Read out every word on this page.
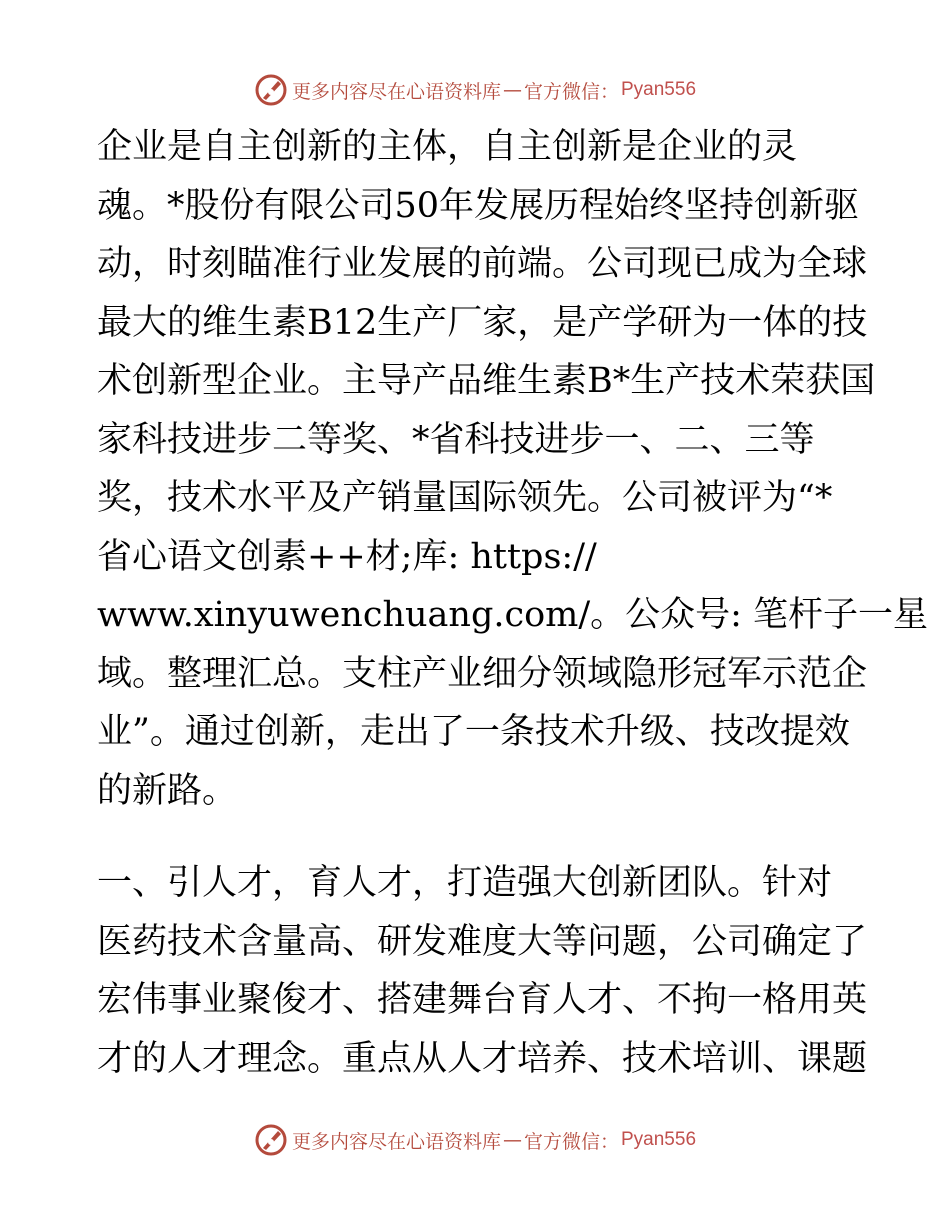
更多内容尽在心语资料库 — 官方微信： Pyan556

企业是自主创新的主体，自主创新是企业的灵
魂。*股份有限公司50年发展历程始终坚持创新驱
动，时刻瞄准行业发展的前端。公司现已成为全球
最大的维生素B12生产厂家，是产学研为一体的技
术创新型企业。主导产品维生素B*生产技术荣获国
家科技进步二等奖、*省科技进步一、二、三等
奖，技术水平及产销量国际领先。公司被评为“*
省心语文创素++材;库: https://
www.xinyuwenchuang.com/。公众号: 笔杆子一星
域。整理汇总。支柱产业细分领域隐形冠军示范企
业”。通过创新，走出了一条技术升级、技改提效
的新路。

一、引人才，育人才，打造强大创新团队。针对
医药技术含量高、研发难度大等问题，公司确定了
宏伟事业聚俊才、搭建舞台育人才、不拘一格用英
才的人才理念。重点从人才培养、技术培训、课题

更多内容尽在心语资料库 — 官方微信： Pyan556
